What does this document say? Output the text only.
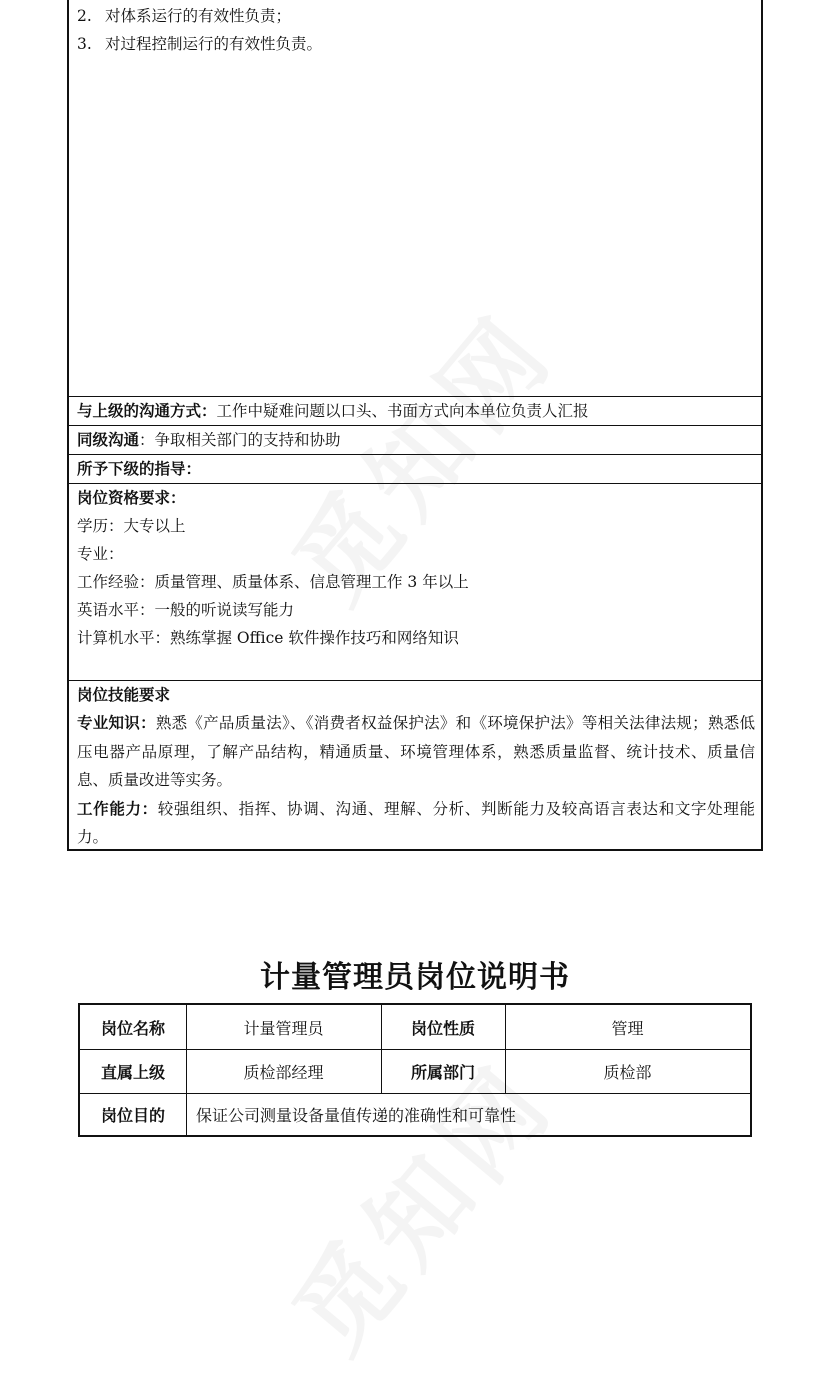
2. 对体系运行的有效性负责；
3. 对过程控制运行的有效性负责。
与上级的沟通方式：工作中疑难问题以口头、书面方式向本单位负责人汇报
同级沟通：争取相关部门的支持和协助
所予下级的指导：
岗位资格要求：
学历：大专以上
专业：
工作经验：质量管理、质量体系、信息管理工作 3 年以上
英语水平：一般的听说读写能力
计算机水平：熟练掌握 Office 软件操作技巧和网络知识
岗位技能要求
专业知识：熟悉《产品质量法》、《消费者权益保护法》和《环境保护法》等相关法律法规；熟悉低压电器产品原理，了解产品结构，精通质量、环境管理体系，熟悉质量监督、统计技术、质量信息、质量改进等实务。
工作能力：较强组织、指挥、协调、沟通、理解、分析、判断能力及较高语言表达和文字处理能力。
计量管理员岗位说明书
岗位名称	计量管理员	岗位性质	管理
直属上级	质检部经理	所属部门	质检部
岗位目的	保证公司测量设备量值传递的准确性和可靠性
